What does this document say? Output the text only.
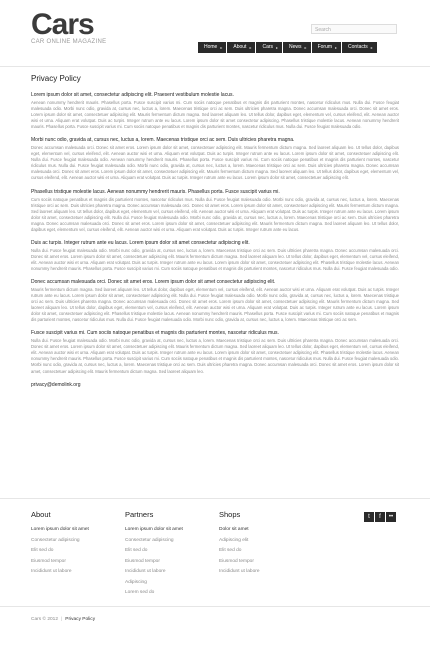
Cars
CAR ONLINE MAGAZINE
Search
Home ▸ About ▸ Cars ▸ News ▸ Forum ▸ Contacts ▸
Privacy Policy
Lorem ipsum dolor sit amet, consectetur adipiscing elit. Praesent vestibulum molestie lacus.

Aenean nonummy hendrerit mauris. Phasellus porta. Fusce suscipit varius mi. Cum sociis natoque penatibus et magnis dis parturient montes, nascetur ridiculus mus. Nulla dui. Fusce feugiat malesuada odio. Morbi nunc odio, gravida at, cursus nec, luctus a, lorem. Maecenas tristique orci ac sem. Duis ultricies pharetra magna. Donec accumsan malesuada orci. Donec sit amet eros. Lorem ipsum dolor sit amet, consectetuer adipiscing elit. Mauris fermentum dictum magna. Sed laoreet aliquam leo. Ut tellus dolor, dapibus eget, elementum vel, cursus eleifend, elit. Aenean auctor wisi et urna. Aliquam erat volutpat. Duis ac turpis. Integer rutrum ante eu lacus. Lorem ipsum dolor sit amet consectetur adipiscing. Phasellus tristique molestie lacus. Aenean nonummy hendrerit mauris. Phasellus porta. Fusce suscipit varius mi. Cum sociis natoque penatibus et magnis dis parturient montes, nascetur ridiculus mus. Nulla dui. Fusce feugiat malesuada odio.

Morbi nunc odio, gravida at, cursus nec, luctus a, lorem. Maecenas tristique orci ac sem. Duis ultricies pharetra magna.

Donec accumsan malesuada orci. Donec sit amet eros. Lorem ipsum dolor sit amet, consectetuer adipiscing elit. Mauris fermentum dictum magna. Sed laoreet aliquam leo. Ut tellus dolor, dapibus eget, elementum vel, cursus eleifend, elit. Aenean auctor wisi et urna. Aliquam erat volutpat. Duis ac turpis. Integer rutrum ante eu lacus. Lorem ipsum dolor sit amet, consectetuer adipiscing elit. Nulla dui. Fusce feugiat malesuada odio. Aenean nonummy hendrerit mauris. Phasellus porta. Fusce suscipit varius mi. Cum sociis natoque penatibus et magnis dis parturient montes, nascetur ridiculus mus. Nulla dui. Fusce feugiat malesuada odio. Morbi nunc odio, gravida at, cursus nec, luctus a, lorem. Maecenas tristique orci ac sem. Duis ultricies pharetra magna. Donec accumsan malesuada orci. Donec sit amet eros. Lorem ipsum dolor sit amet, consectetuer adipiscing elit. Mauris fermentum dictum magna. Sed laoreet aliquam leo. Ut tellus dolor, dapibus eget, elementum vel, cursus eleifend, elit. Aenean auctor wisi et urna. Aliquam erat volutpat. Duis ac turpis. Integer rutrum ante eu lacus. Lorem ipsum dolor sit amet, consectetuer adipiscing elit.

Phasellus tristique molestie lacus. Aenean nonummy hendrerit mauris. Phasellus porta. Fusce suscipit varius mi.

Cum sociis natoque penatibus et magnis dis parturient montes, nascetur ridiculus mus. Nulla dui. Fusce feugiat malesuada odio. Morbi nunc odio, gravida at, cursus nec, luctus a, lorem. Maecenas tristique orci ac sem. Duis ultricies pharetra magna. Donec accumsan malesuada orci. Donec sit amet eros. Lorem ipsum dolor sit amet, consectetuer adipiscing elit. Mauris fermentum dictum magna. Sed laoreet aliquam leo. Ut tellus dolor, dapibus eget, elementum vel, cursus eleifend, elit. Aenean auctor wisi et urna. Aliquam erat volutpat. Duis ac turpis. Integer rutrum ante eu lacus. Lorem ipsum dolor sit amet, consectetuer adipiscing elit. Nulla dui. Fusce feugiat malesuada odio. Morbi nunc odio, gravida at, cursus nec, luctus a, lorem. Maecenas tristique orci ac sem. Duis ultricies pharetra magna. Donec accumsan malesuada orci. Donec sit amet eros. Lorem ipsum dolor sit amet, consectetuer adipiscing elit. Mauris fermentum dictum magna. Sed laoreet aliquam leo. Ut tellus dolor, dapibus eget, elementum vel, cursus eleifend, elit. Aenean auctor wisi et urna. Aliquam erat volutpat. Duis ac turpis. Integer rutrum ante eu lacus.

Duis ac turpis. Integer rutrum ante eu lacus. Lorem ipsum dolor sit amet consectetur adipiscing elit.

Nulla dui. Fusce feugiat malesuada odio. Morbi nunc odio, gravida at, cursus nec, luctus a, lorem. Maecenas tristique orci ac sem. Duis ultricies pharetra magna. Donec accumsan malesuada orci. Donec sit amet eros. Lorem ipsum dolor sit amet, consectetuer adipiscing elit. Mauris fermentum dictum magna. Sed laoreet aliquam leo. Ut tellus dolor, dapibus eget, elementum vel, cursus eleifend, elit. Aenean auctor wisi et urna. Aliquam erat volutpat. Duis ac turpis. Integer rutrum ante eu lacus. Lorem ipsum dolor sit amet, consectetuer adipiscing elit. Phasellus tristique molestie lacus. Aenean nonummy hendrerit mauris. Phasellus porta. Fusce suscipit varius mi. Cum sociis natoque penatibus et magnis dis parturient montes, nascetur ridiculus mus. Nulla dui. Fusce feugiat malesuada odio.

Donec accumsan malesuada orci. Donec sit amet eros. Lorem ipsum dolor sit amet consectetur adipiscing elit.

Mauris fermentum dictum magna. Sed laoreet aliquam leo. Ut tellus dolor, dapibus eget, elementum vel, cursus eleifend, elit. Aenean auctor wisi et urna. Aliquam erat volutpat. Duis ac turpis. Integer rutrum ante eu lacus. Lorem ipsum dolor sit amet, consectetuer adipiscing elit. Nulla dui. Fusce feugiat malesuada odio. Morbi nunc odio, gravida at, cursus nec, luctus a, lorem. Maecenas tristique orci ac sem. Duis ultricies pharetra magna. Donec accumsan malesuada orci. Donec sit amet eros. Lorem ipsum dolor sit amet, consectetuer adipiscing elit. Mauris fermentum dictum magna. Sed laoreet aliquam leo. Ut tellus dolor, dapibus eget, elementum vel, cursus eleifend, elit. Aenean auctor wisi et urna. Aliquam erat volutpat. Duis ac turpis. Integer rutrum ante eu lacus. Lorem ipsum dolor sit amet, consectetuer adipiscing elit. Phasellus tristique molestie lacus. Aenean nonummy hendrerit mauris. Phasellus porta. Fusce suscipit varius mi. Cum sociis natoque penatibus et magnis dis parturient montes, nascetur ridiculus mus. Nulla dui. Fusce feugiat malesuada odio. Morbi nunc odio, gravida at, cursus nec, luctus a, lorem. Maecenas tristique orci ac sem.

Fusce suscipit varius mi. Cum sociis natoque penatibus et magnis dis parturient montes, nascetur ridiculus mus.

Nulla dui. Fusce feugiat malesuada odio. Morbi nunc odio, gravida at, cursus nec, luctus a, lorem. Maecenas tristique orci ac sem. Duis ultricies pharetra magna. Donec accumsan malesuada orci. Donec sit amet eros. Lorem ipsum dolor sit amet, consectetuer adipiscing elit. Mauris fermentum dictum magna. Sed laoreet aliquam leo. Ut tellus dolor, dapibus eget, elementum vel, cursus eleifend, elit. Aenean auctor wisi et urna. Aliquam erat volutpat. Duis ac turpis. Integer rutrum ante eu lacus. Lorem ipsum dolor sit amet, consectetuer adipiscing elit. Phasellus tristique molestie lacus. Aenean nonummy hendrerit mauris. Phasellus porta. Fusce suscipit varius mi. Cum sociis natoque penatibus et magnis dis parturient montes, nascetur ridiculus mus. Nulla dui. Fusce feugiat malesuada odio. Morbi nunc odio, gravida at, cursus nec, luctus a, lorem. Maecenas tristique orci ac sem. Duis ultricies pharetra magna. Donec accumsan malesuada orci. Donec sit amet eros. Lorem ipsum dolor sit amet, consectetuer adipiscing elit. Mauris fermentum dictum magna. Sed laoreet aliquam leo.

privacy@demolink.org
About
Lorem ipsum dolor sit amet
Consectetur adipiscing
Elit sed do
Eiusmod tempor
Incididunt ut labore
Partners
Lorem ipsum dolor sit amet
Consectetur adipiscing
Elit sed do
Eiusmod tempor
Incididunt ut labore
Adipiscing
Lorem sed do
Shops
Dolor sit amet
Adipiscing elit
Elit sed do
Eiusmod tempor
Incididunt ut labore
t	f	••
Cars © 2012 | Privacy Policy
